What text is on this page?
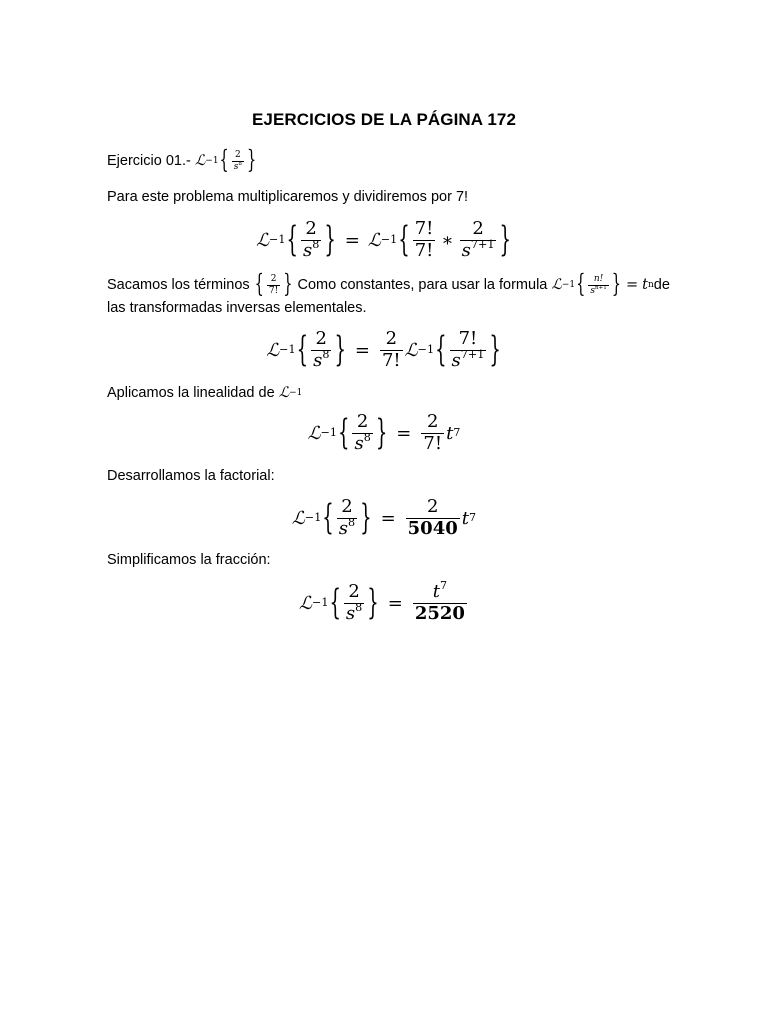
EJERCICIOS DE LA PÁGINA 172
Ejercicio 01.- ℒ −1 { $\frac{2}{s^8}$ }
Para este problema multiplicaremos y dividiremos por 7!
ℒ −1 { $\frac{2}{s^8}$ } = ℒ −1 { $\frac{7!}{7!}$ ∗ $\frac{2}{s^{7+1}}$ }
Sacamos los términos { $\frac{2}{7!}$ } Como constantes, para usar la formula ℒ −1 { $\frac{n!}{s^{n+1}}$ } = t n de
las transformadas inversas elementales.
ℒ −1 { $\frac{2}{s^8}$ } = $\frac{2}{7!}$ ℒ −1 { $\frac{7!}{s^{7+1}}$ }
Aplicamos la linealidad de ℒ −1
ℒ −1 { $\frac{2}{s^8}$ } = $\frac{2}{7!}$ t 7
Desarrollamos la factorial:
ℒ −1 { $\frac{2}{s^8}$ } = $\frac{2}{5040}$ t 7
Simplificamos la fracción:
ℒ −1 { $\frac{2}{s^8}$ } = $\frac{t^7}{2520}$
